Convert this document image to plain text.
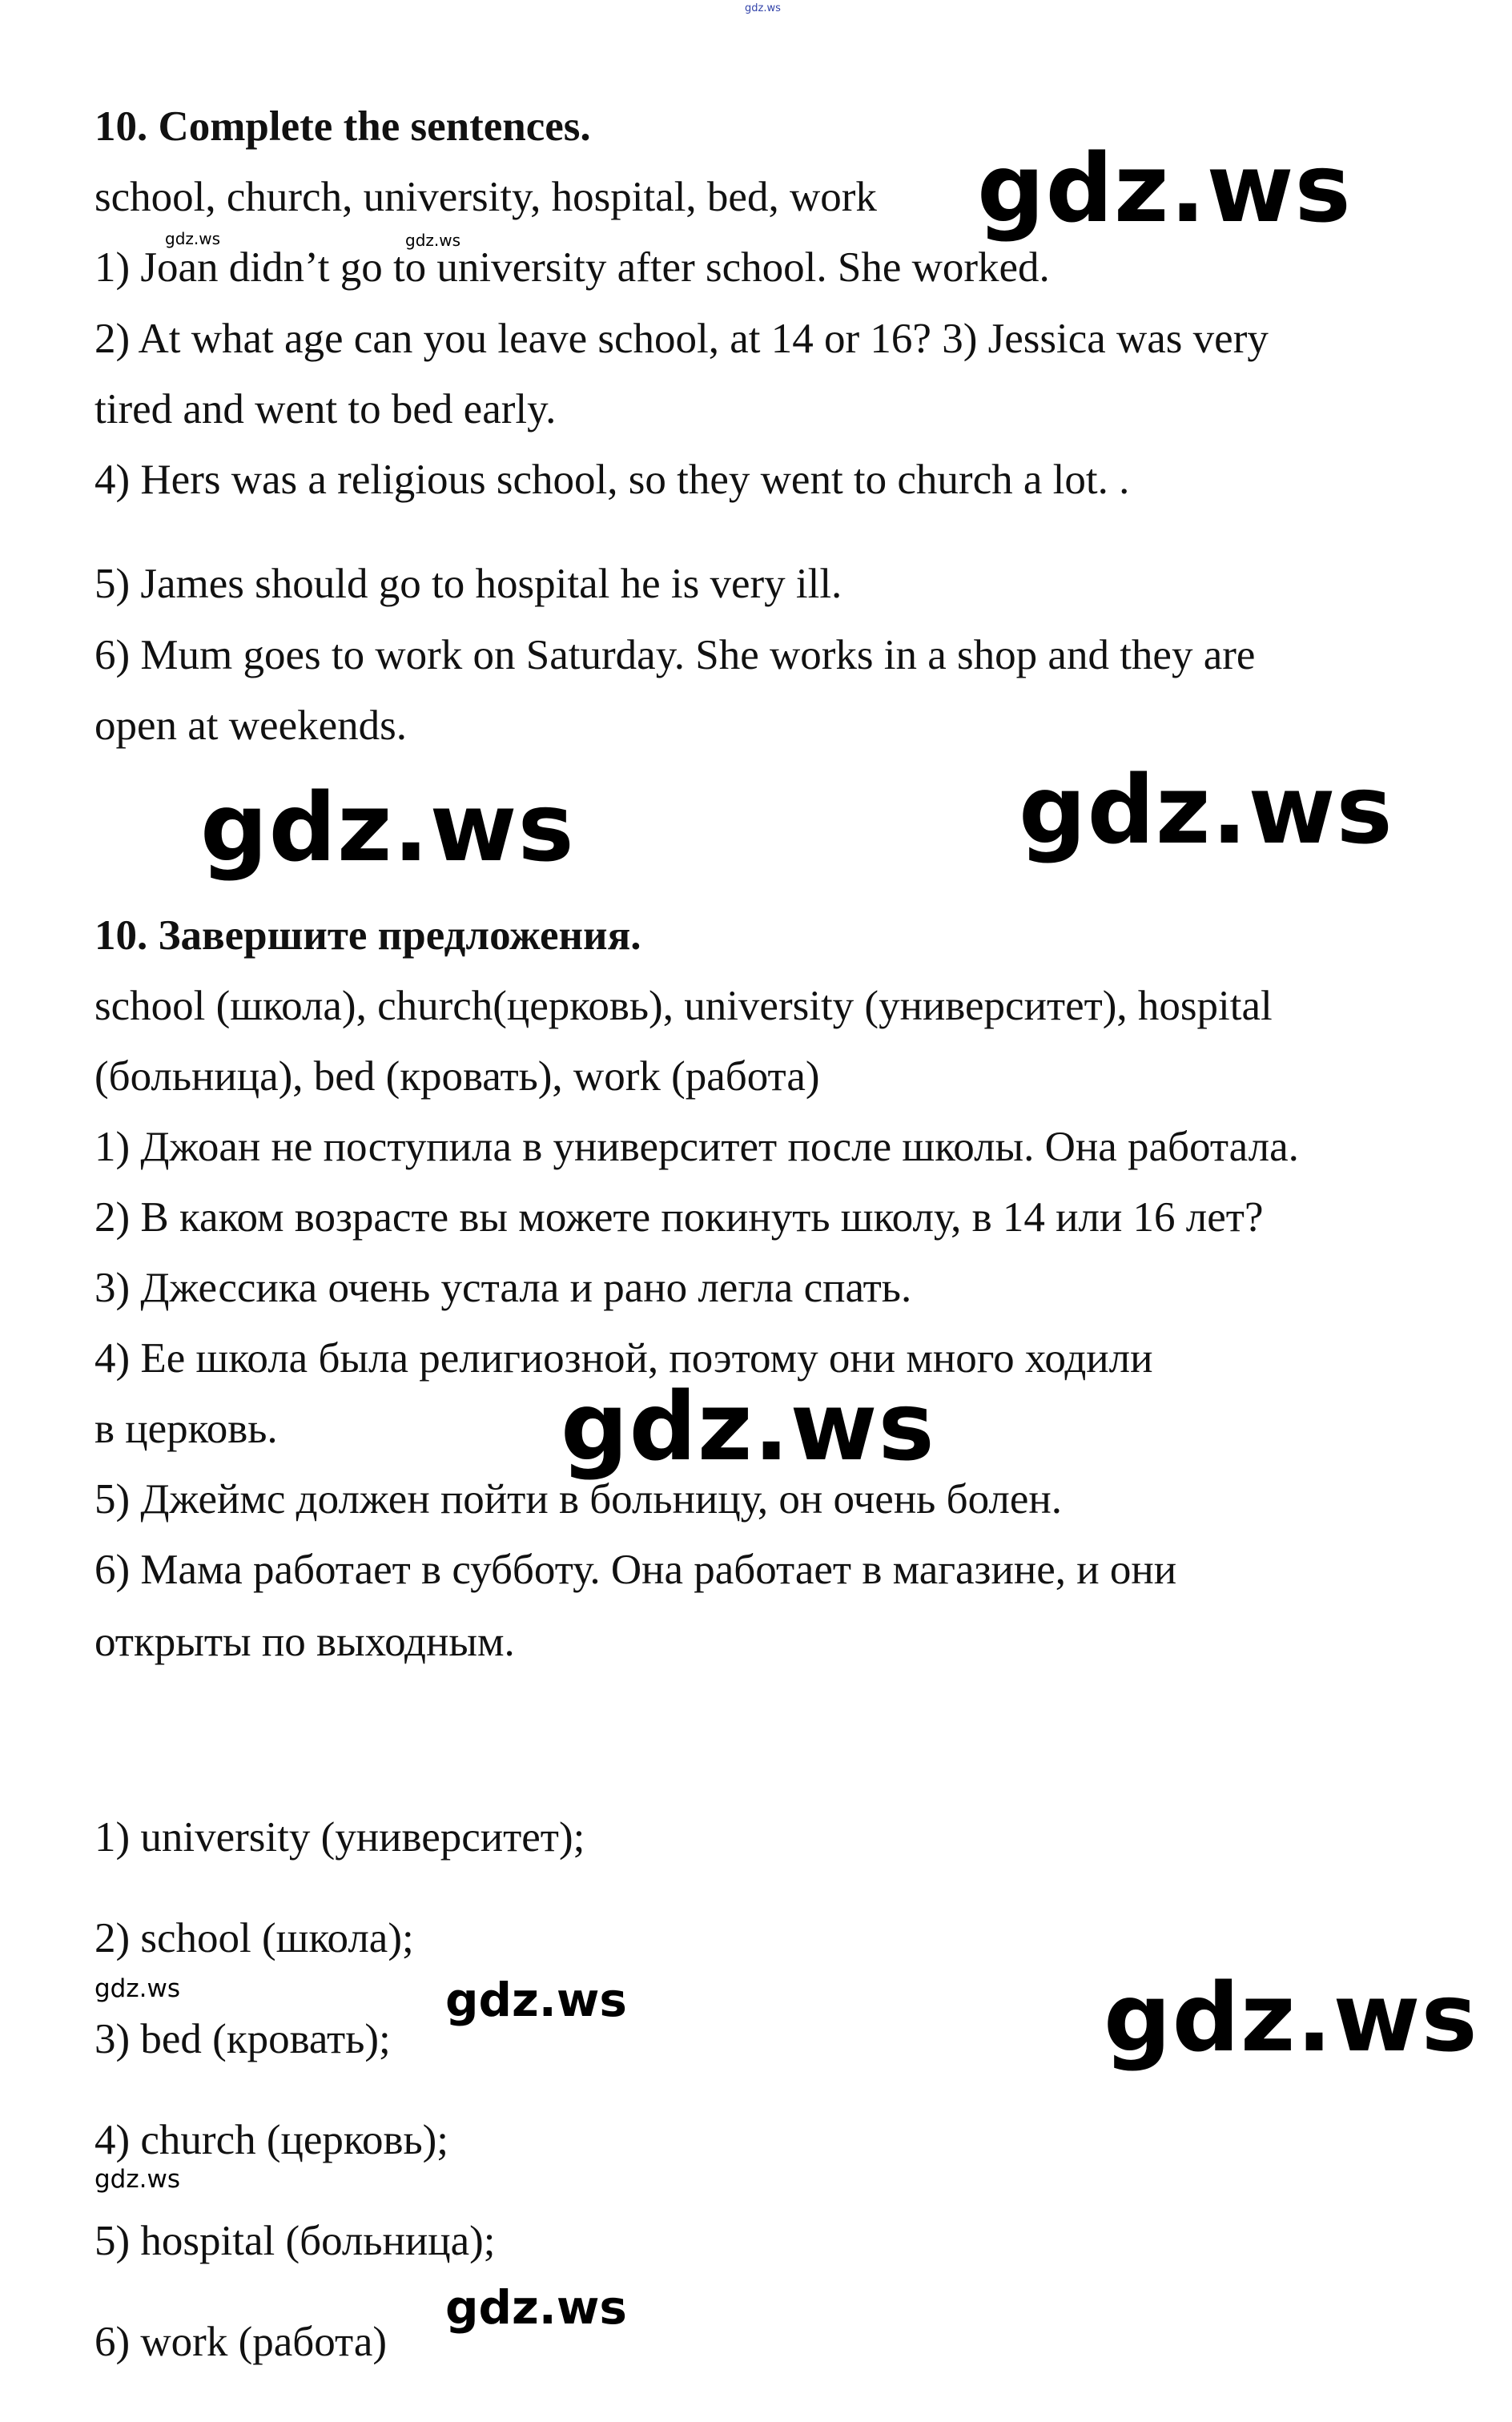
gdz.ws
10. Complete the sentences.
school, church, university, hospital, bed, work
1) Joan didn’t go to university after school. She worked.
2) At what age can you leave school, at 14 or 16? 3) Jessica was very
tired and went to bed early.
4) Hers was a religious school, so they went to church a lot. .
5) James should go to hospital he is very ill.
6) Mum goes to work on Saturday. She works in a shop and they are
open at weekends.
10. Завершите предложения.
school (школа), church(церковь), university (университет), hospital
(больница), bed (кровать), work (работа)
1) Джоан не поступила в университет после школы. Она работала.
2) В каком возрасте вы можете покинуть школу, в 14 или 16 лет?
3) Джессика очень устала и рано легла спать.
4) Ее школа была религиозной, поэтому они много ходили
в церковь.
5) Джеймс должен пойти в больницу, он очень болен.
6) Мама работает в субботу. Она работает в магазине, и они
открыты по выходным.
1) university (университет);
2) school (школа);
3) bed (кровать);
4) church (церковь);
5) hospital (больница);
6) work (работа)
gdz.ws
gdz.ws	gdz.ws
gdz.ws	gdz.ws
gdz.ws
gdz.ws	gdz.ws	gdz.ws
gdz.ws
gdz.ws
